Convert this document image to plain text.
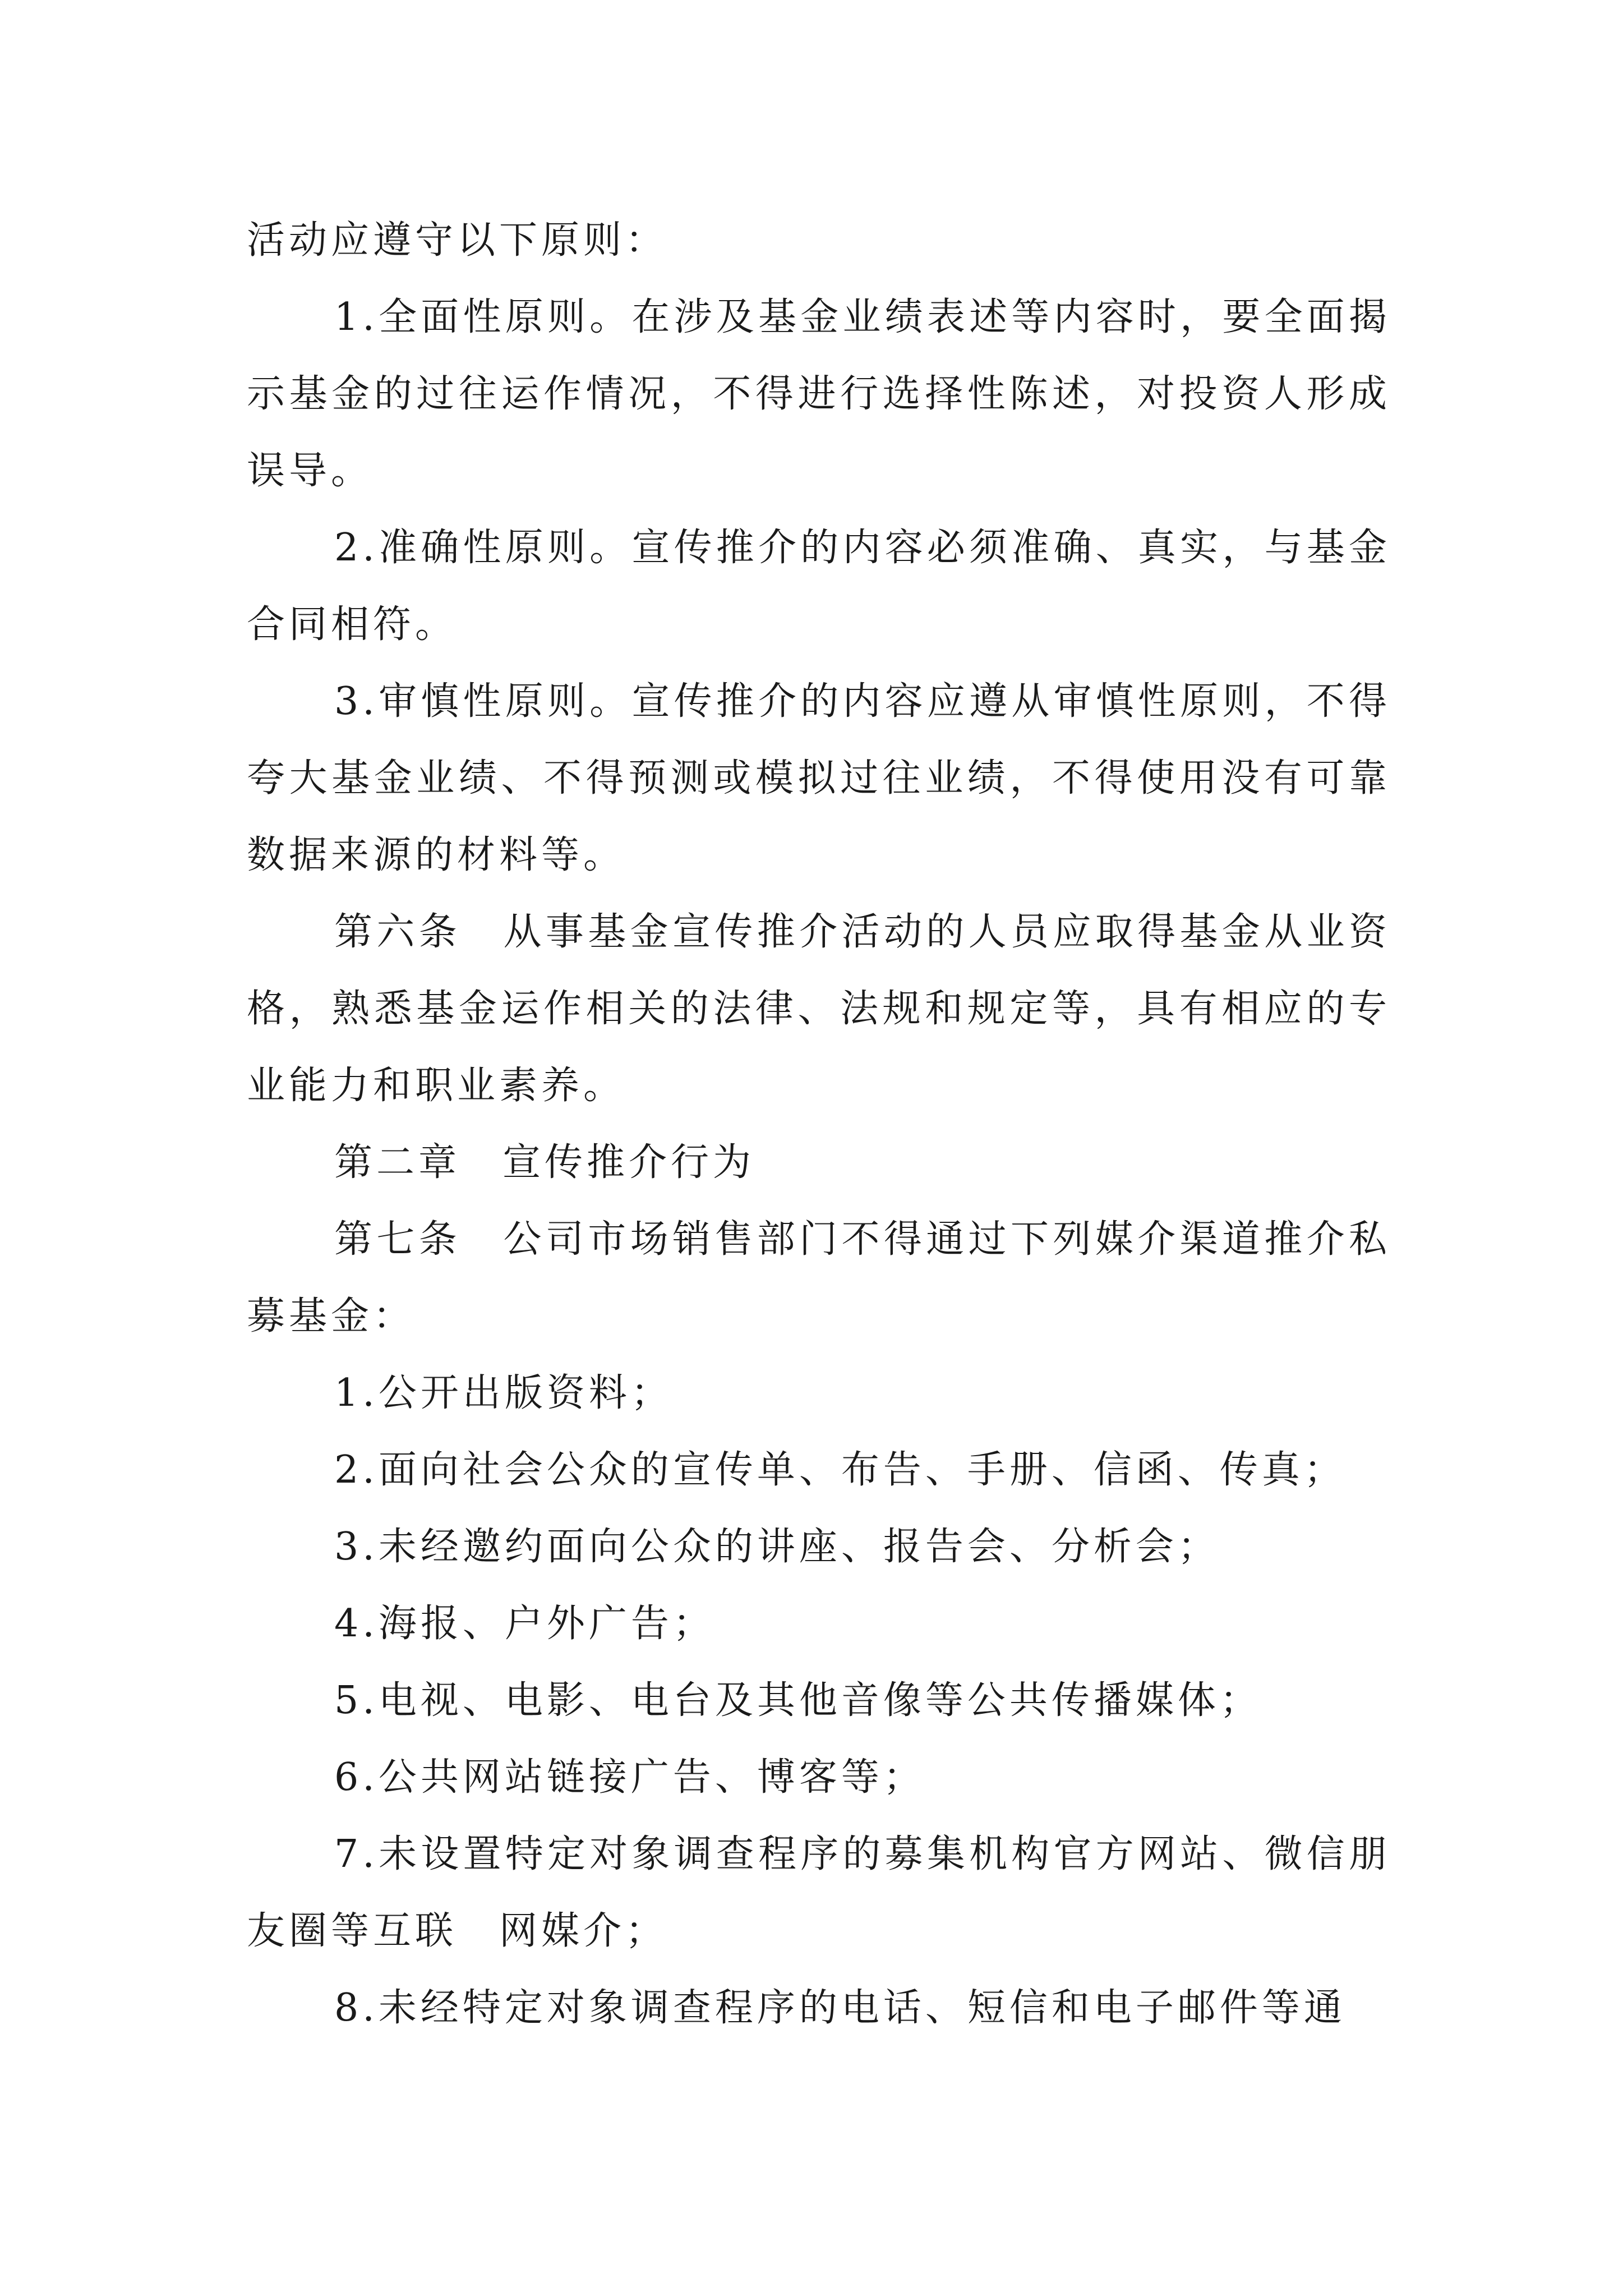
活动应遵守以下原则：

1.全面性原则。在涉及基金业绩表述等内容时，要全面揭示基金的过往运作情况，不得进行选择性陈述，对投资人形成误导。

2.准确性原则。宣传推介的内容必须准确、真实，与基金合同相符。

3.审慎性原则。宣传推介的内容应遵从审慎性原则，不得夸大基金业绩、不得预测或模拟过往业绩，不得使用没有可靠数据来源的材料等。

第六条　从事基金宣传推介活动的人员应取得基金从业资格，熟悉基金运作相关的法律、法规和规定等，具有相应的专业能力和职业素养。

第二章　宣传推介行为

第七条　公司市场销售部门不得通过下列媒介渠道推介私募基金：

1.公开出版资料；

2.面向社会公众的宣传单、布告、手册、信函、传真；

3.未经邀约面向公众的讲座、报告会、分析会；

4.海报、户外广告；

5.电视、电影、电台及其他音像等公共传播媒体；

6.公共网站链接广告、博客等；

7.未设置特定对象调查程序的募集机构官方网站、微信朋友圈等互联　网媒介；

8.未经特定对象调查程序的电话、短信和电子邮件等通
